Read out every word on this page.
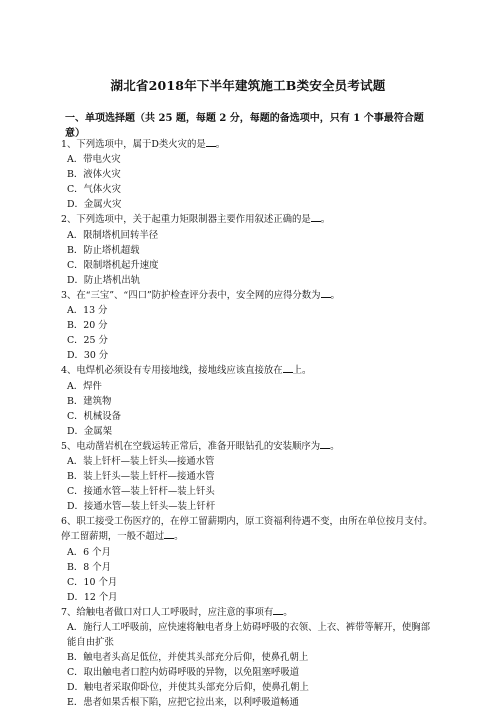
湖北省2018年下半年建筑施工B类安全员考试题
一、单项选择题（共 25 题，每题 2 分，每题的备选项中，只有 1 个事最符合题意）
1、下列选项中，属于D类火灾的是 。
A．带电火灾
B．液体火灾
C．气体火灾
D．金属火灾
2、下列选项中，关于起重力矩限制器主要作用叙述正确的是 。
A．限制塔机回转半径
B．防止塔机超载
C．限制塔机起升速度
D．防止塔机出轨
3、在“三宝”、“四口”防护检查评分表中，安全网的应得分数为 。
A．13 分
B．20 分
C．25 分
D．30 分
4、电焊机必须设有专用接地线，接地线应该直接放在 上。
A．焊件
B．建筑物
C．机械设备
D．金属架
5、电动凿岩机在空载运转正常后，准备开眼钻孔的安装顺序为 。
A．装上钎杆—装上钎头—接通水管
B．装上钎头—装上钎杆—接通水管
C．接通水管—装上钎杆—装上钎头
D．接通水管—装上钎头—装上钎杆
6、职工接受工伤医疗的，在停工留薪期内，原工资福利待遇不变，由所在单位按月支付。停工留薪期，一般不超过 。
A．6 个月
B．8 个月
C．10 个月
D．12 个月
7、给触电者做口对口人工呼吸时，应注意的事项有 。
A．施行人工呼吸前，应快速将触电者身上妨碍呼吸的衣领、上衣、裤带等解开，使胸部能自由扩张
B．触电者头高足低位，并使其头部充分后仰，使鼻孔朝上
C．取出触电者口腔内妨碍呼吸的异物，以免阻塞呼吸道
D．触电者采取仰卧位，并使其头部充分后仰，使鼻孔朝上
E．患者如果舌根下陷，应把它拉出来，以利呼吸道畅通
